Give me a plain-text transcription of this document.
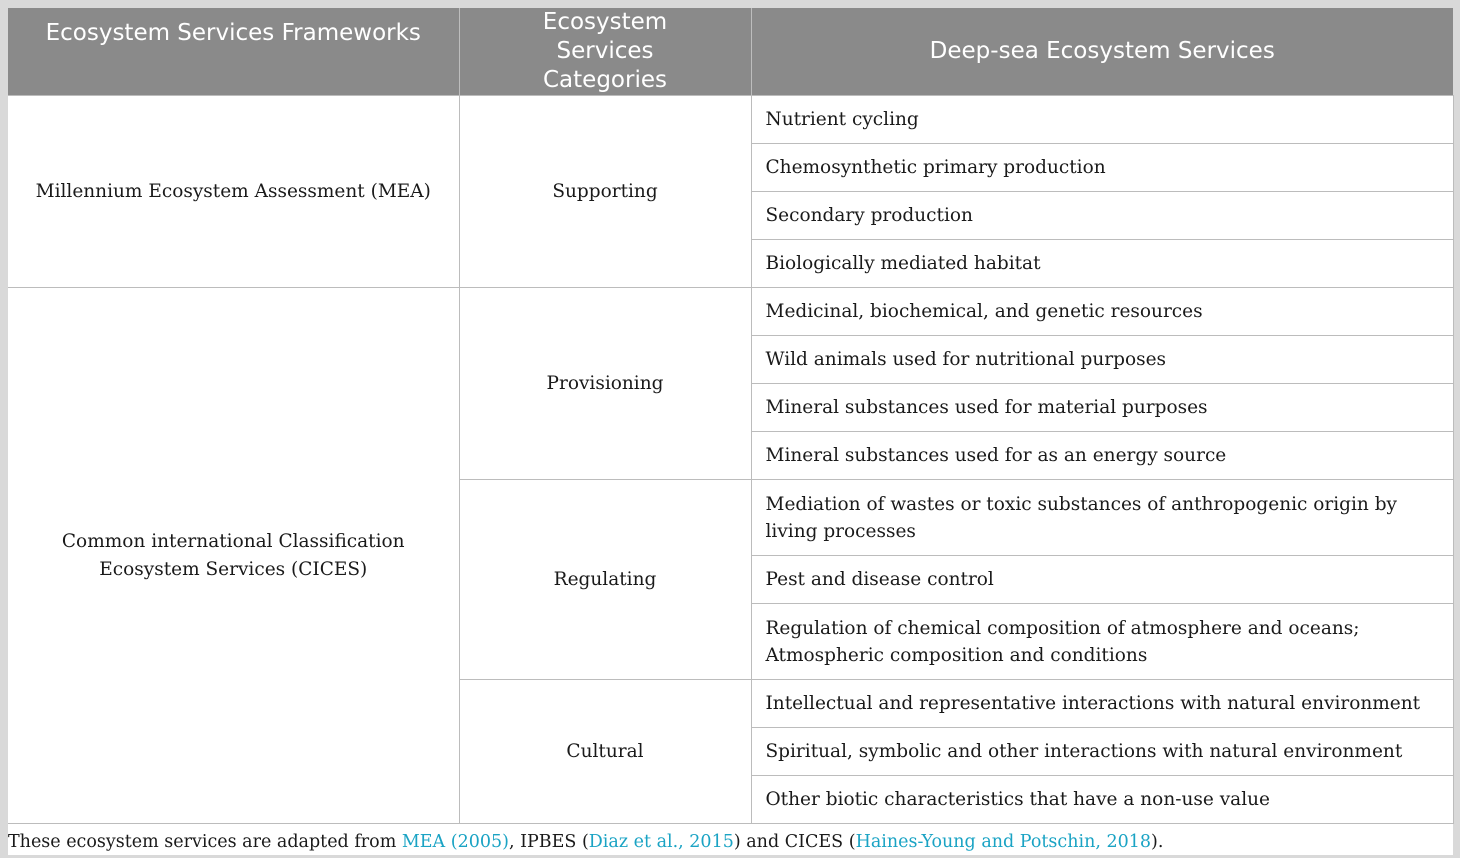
Ecosystem Services Frameworks	Ecosystem Services Categories	Deep-sea Ecosystem Services
Millennium Ecosystem Assessment (MEA)	Supporting	Nutrient cycling
		Chemosynthetic primary production
		Secondary production
		Biologically mediated habitat
Common international Classification Ecosystem Services (CICES)	Provisioning	Medicinal, biochemical, and genetic resources
		Wild animals used for nutritional purposes
		Mineral substances used for material purposes
		Mineral substances used for as an energy source
	Regulating	Mediation of wastes or toxic substances of anthropogenic origin by living processes
		Pest and disease control
		Regulation of chemical composition of atmosphere and oceans; Atmospheric composition and conditions
	Cultural	Intellectual and representative interactions with natural environment
		Spiritual, symbolic and other interactions with natural environment
		Other biotic characteristics that have a non-use value
These ecosystem services are adapted from MEA (2005), IPBES (Diaz et al., 2015) and CICES (Haines-Young and Potschin, 2018).
